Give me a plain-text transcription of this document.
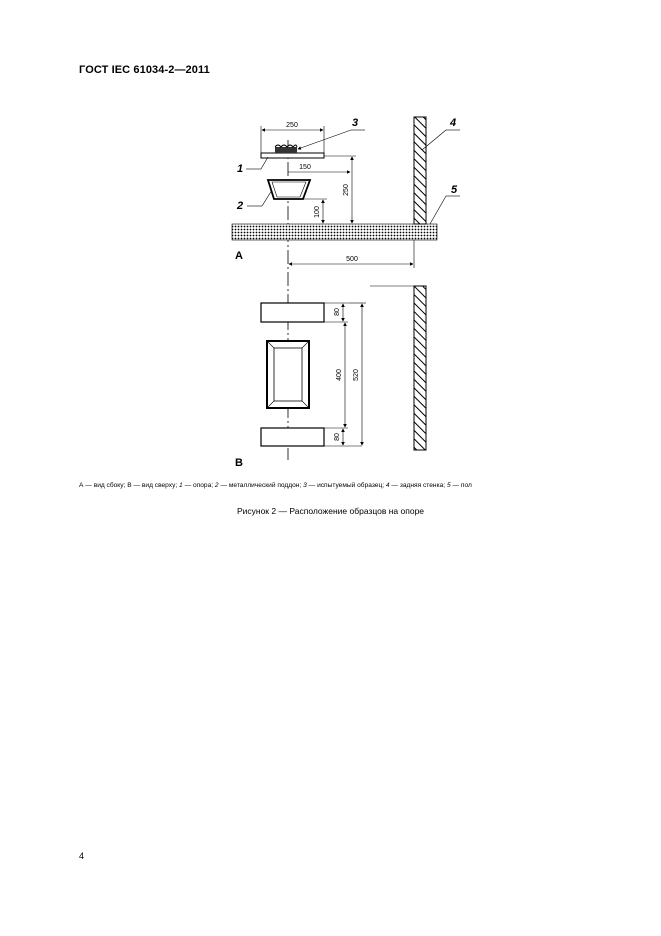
ГОСТ IEC 61034-2—2011
250
150
250
100
500
1
2
3	4
5
A
80
400
80
520
B
А — вид сбоку; В — вид сверху; 1 — опора; 2 — металлический поддон; 3 — испытуемый образец; 4 — задняя стенка; 5 — пол
Рисунок 2 — Расположение образцов на опоре
4
